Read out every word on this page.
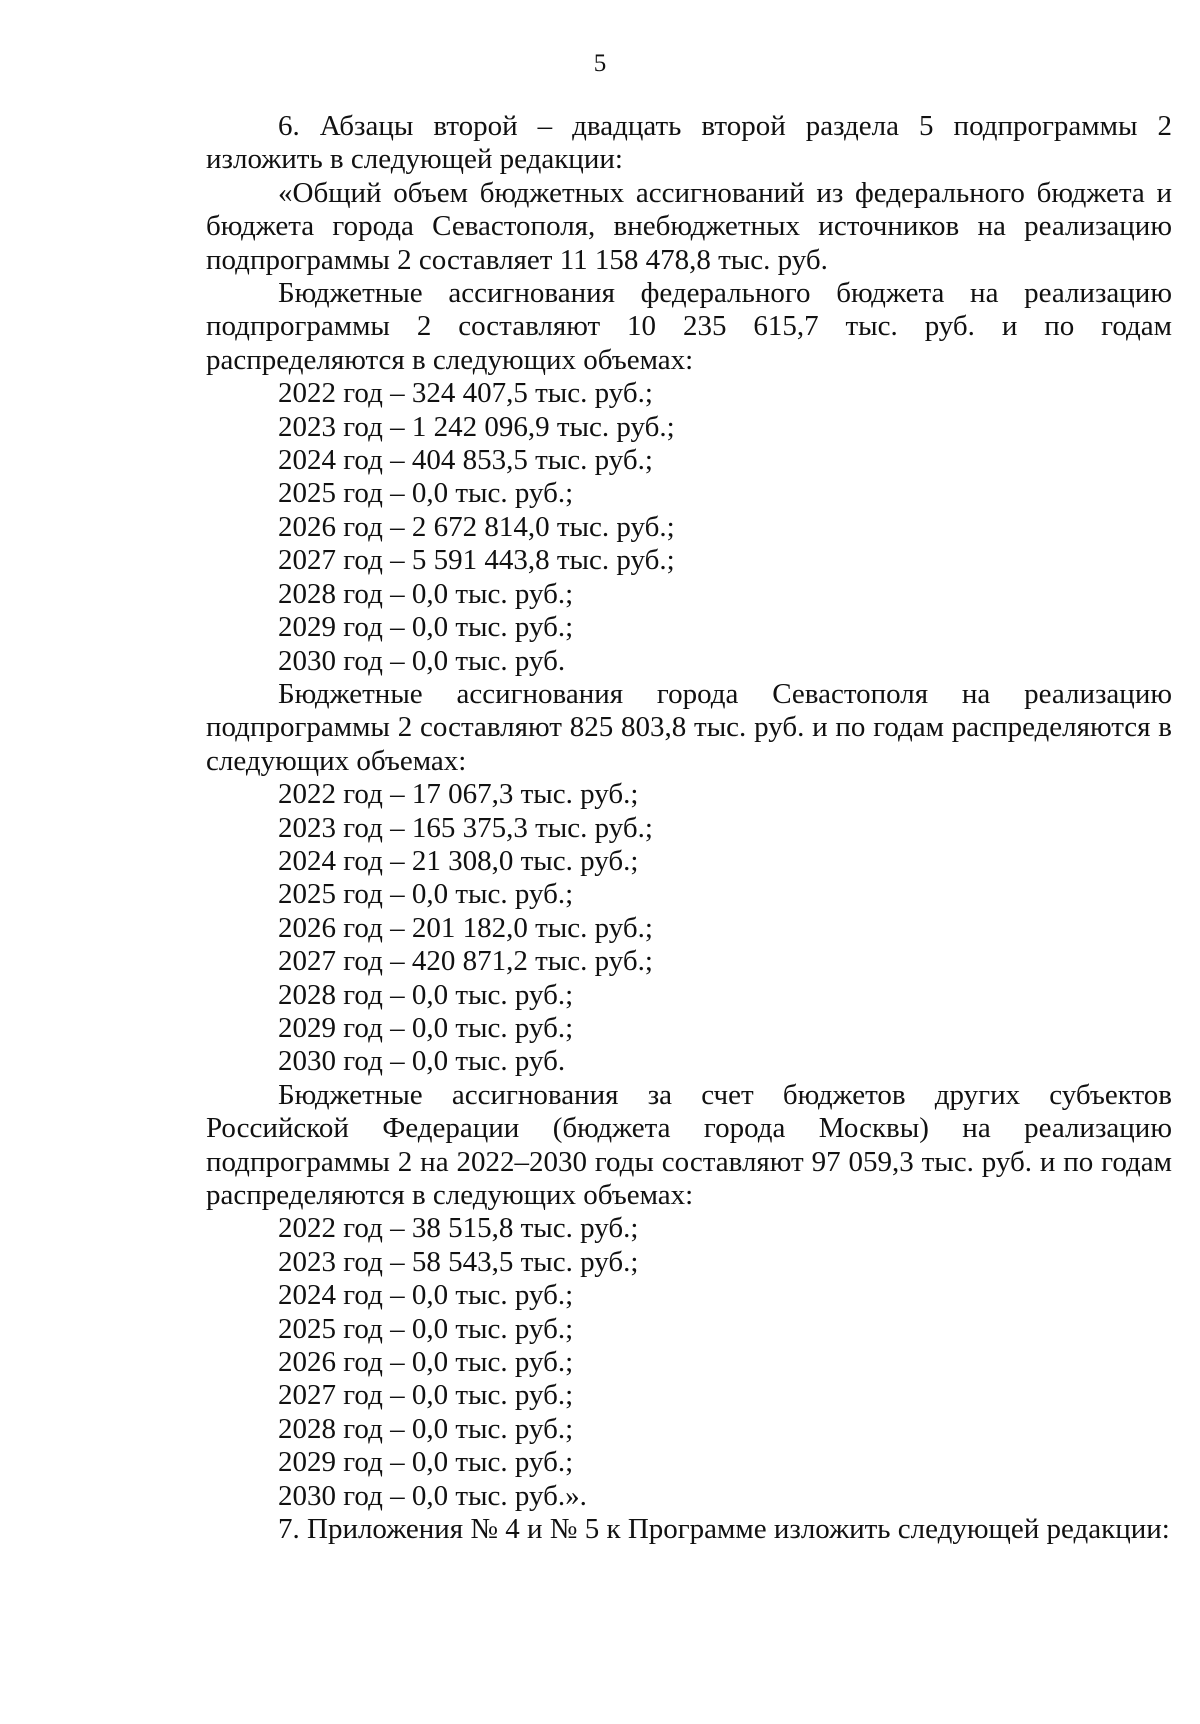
5

6. Абзацы второй – двадцать второй раздела 5 подпрограммы 2 изложить в следующей редакции:

«Общий объем бюджетных ассигнований из федерального бюджета и бюджета города Севастополя, внебюджетных источников на реализацию подпрограммы 2 составляет 11 158 478,8 тыс. руб.

Бюджетные ассигнования федерального бюджета на реализацию подпрограммы 2 составляют 10 235 615,7 тыс. руб. и по годам распределяются в следующих объемах:

2022 год – 324 407,5 тыс. руб.;

2023 год – 1 242 096,9 тыс. руб.;

2024 год – 404 853,5 тыс. руб.;

2025 год – 0,0 тыс. руб.;

2026 год – 2 672 814,0 тыс. руб.;

2027 год – 5 591 443,8 тыс. руб.;

2028 год – 0,0 тыс. руб.;

2029 год – 0,0 тыс. руб.;

2030 год – 0,0 тыс. руб.

Бюджетные ассигнования города Севастополя на реализацию подпрограммы 2 составляют 825 803,8 тыс. руб. и по годам распределяются в следующих объемах:

2022 год – 17 067,3 тыс. руб.;

2023 год – 165 375,3 тыс. руб.;

2024 год – 21 308,0 тыс. руб.;

2025 год – 0,0 тыс. руб.;

2026 год – 201 182,0 тыс. руб.;

2027 год – 420 871,2 тыс. руб.;

2028 год – 0,0 тыс. руб.;

2029 год – 0,0 тыс. руб.;

2030 год – 0,0 тыс. руб.

Бюджетные ассигнования за счет бюджетов других субъектов Российской Федерации (бюджета города Москвы) на реализацию подпрограммы 2 на 2022–2030 годы составляют 97 059,3 тыс. руб. и по годам распределяются в следующих объемах:

2022 год – 38 515,8 тыс. руб.;

2023 год – 58 543,5 тыс. руб.;

2024 год – 0,0 тыс. руб.;

2025 год – 0,0 тыс. руб.;

2026 год – 0,0 тыс. руб.;

2027 год – 0,0 тыс. руб.;

2028 год – 0,0 тыс. руб.;

2029 год – 0,0 тыс. руб.;

2030 год – 0,0 тыс. руб.».

7. Приложения № 4 и № 5 к Программе изложить следующей редакции:
